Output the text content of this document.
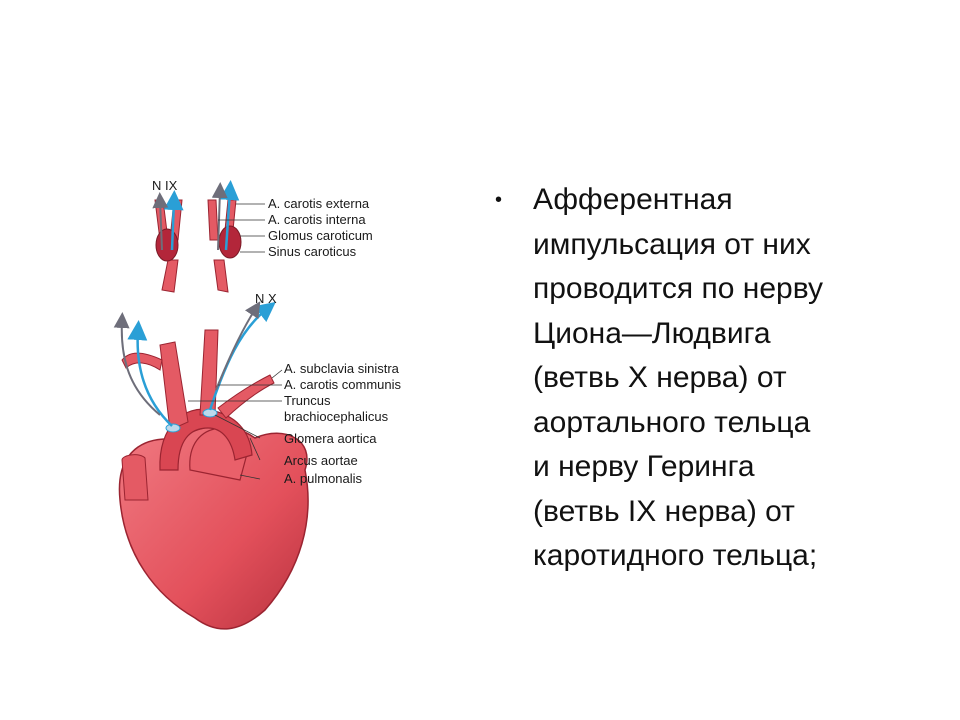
N IX
N X
A. carotis externa
A. carotis interna
Glomus caroticum
Sinus caroticus
A. subclavia sinistra
A. carotis communis
Truncus
brachiocephalicus
Glomera aortica
Arcus aortae
A. pulmonalis
• Афферентная
импульсация от них
проводится по нерву
Циона—Людвига
(ветвь X нерва) от
аортального тельца
и нерву Геринга
(ветвь IX нерва) от
каротидного тельца;
